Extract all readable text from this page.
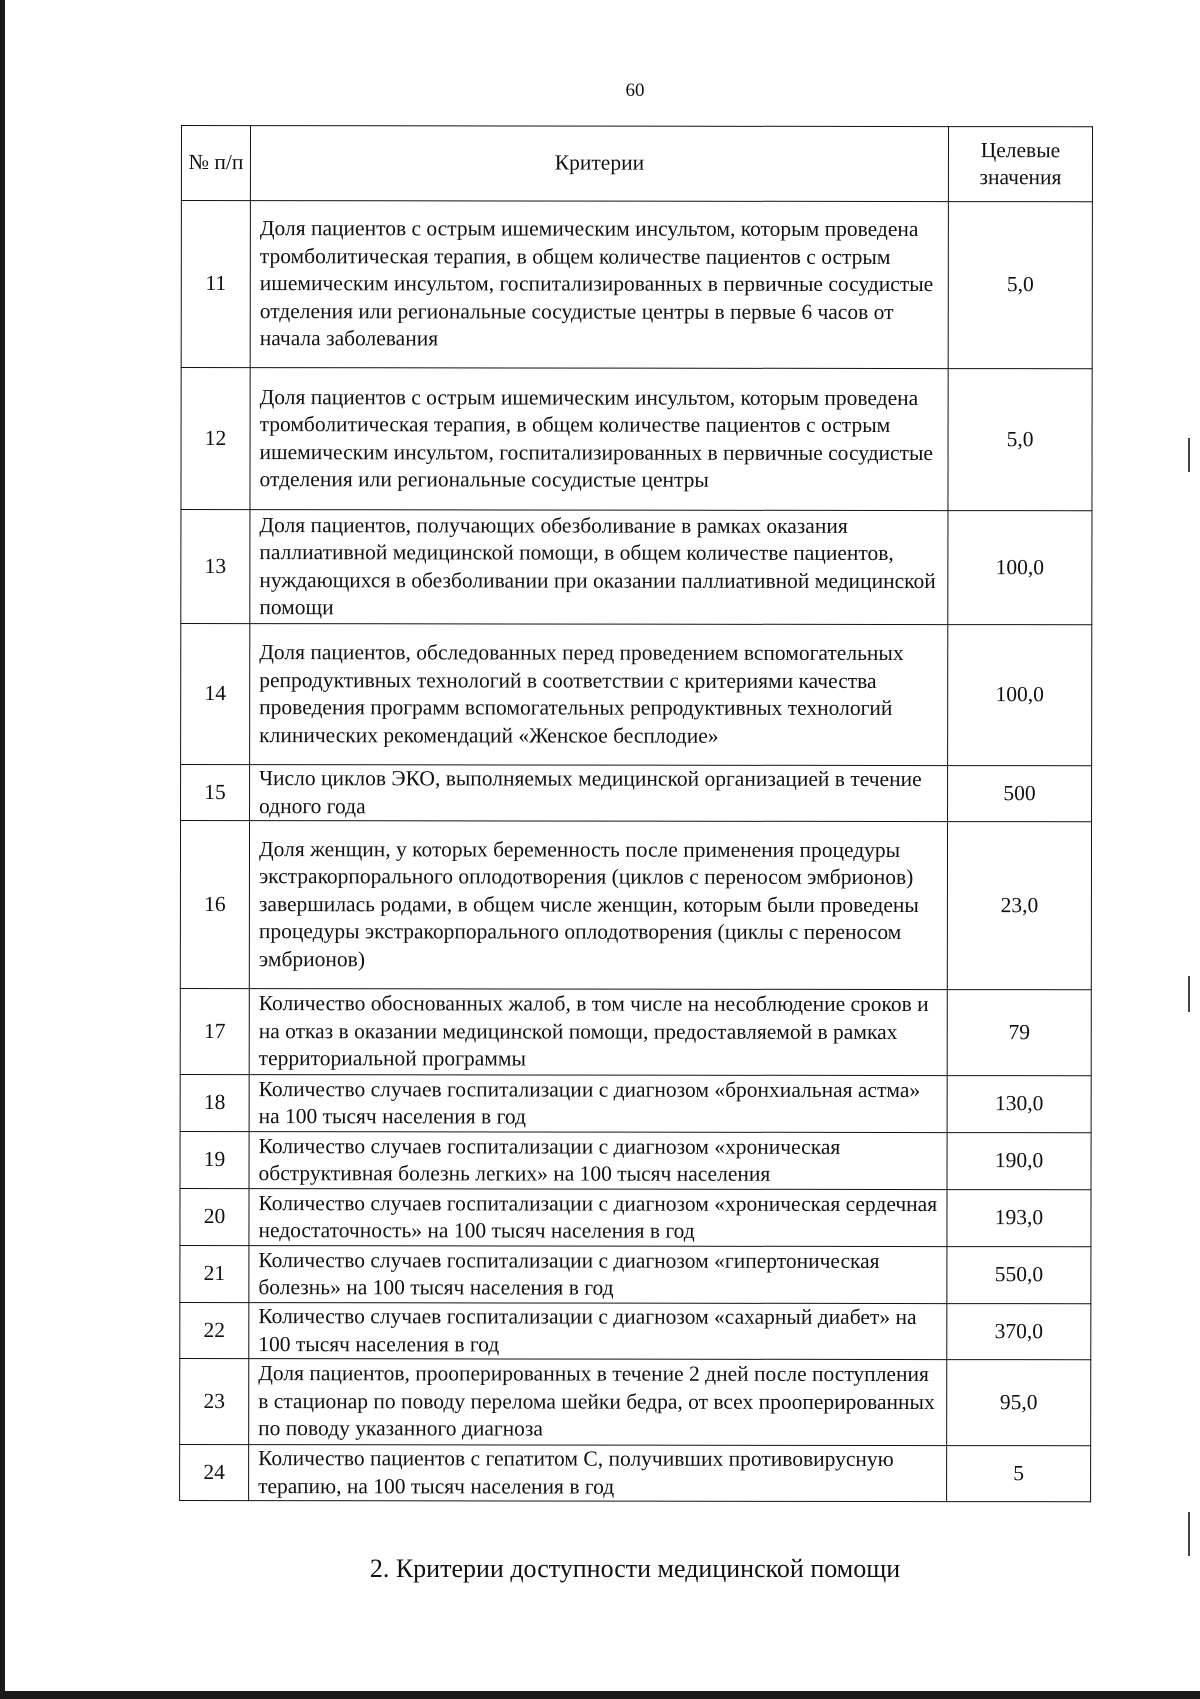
60
№ п/п	Критерии	Целевые значения
11	Доля пациентов с острым ишемическим инсультом, которым проведена тромболитическая терапия, в общем количестве пациентов с острым ишемическим инсультом, госпитализированных в первичные сосудистые отделения или региональные сосудистые центры в первые 6 часов от начала заболевания	5,0
12	Доля пациентов с острым ишемическим инсультом, которым проведена тромболитическая терапия, в общем количестве пациентов с острым ишемическим инсультом, госпитализированных в первичные сосудистые отделения или региональные сосудистые центры	5,0
13	Доля пациентов, получающих обезболивание в рамках оказания паллиативной медицинской помощи, в общем количестве пациентов, нуждающихся в обезболивании при оказании паллиативной медицинской помощи	100,0
14	Доля пациентов, обследованных перед проведением вспомогательных репродуктивных технологий в соответствии с критериями качества проведения программ вспомогательных репродуктивных технологий клинических рекомендаций «Женское бесплодие»	100,0
15	Число циклов ЭКО, выполняемых медицинской организацией в течение одного года	500
16	Доля женщин, у которых беременность после применения процедуры экстракорпорального оплодотворения (циклов с переносом эмбрионов) завершилась родами, в общем числе женщин, которым были проведены процедуры экстракорпорального оплодотворения (циклы с переносом эмбрионов)	23,0
17	Количество обоснованных жалоб, в том числе на несоблюдение сроков и на отказ в оказании медицинской помощи, предоставляемой в рамках территориальной программы	79
18	Количество случаев госпитализации с диагнозом «бронхиальная астма» на 100 тысяч населения в год	130,0
19	Количество случаев госпитализации с диагнозом «хроническая обструктивная болезнь легких» на 100 тысяч населения	190,0
20	Количество случаев госпитализации с диагнозом «хроническая сердечная недостаточность» на 100 тысяч населения в год	193,0
21	Количество случаев госпитализации с диагнозом «гипертоническая болезнь» на 100 тысяч населения в год	550,0
22	Количество случаев госпитализации с диагнозом «сахарный диабет» на 100 тысяч населения в год	370,0
23	Доля пациентов, прооперированных в течение 2 дней после поступления в стационар по поводу перелома шейки бедра, от всех прооперированных по поводу указанного диагноза	95,0
24	Количество пациентов с гепатитом С, получивших противовирусную терапию, на 100 тысяч населения в год	5
2. Критерии доступности медицинской помощи
